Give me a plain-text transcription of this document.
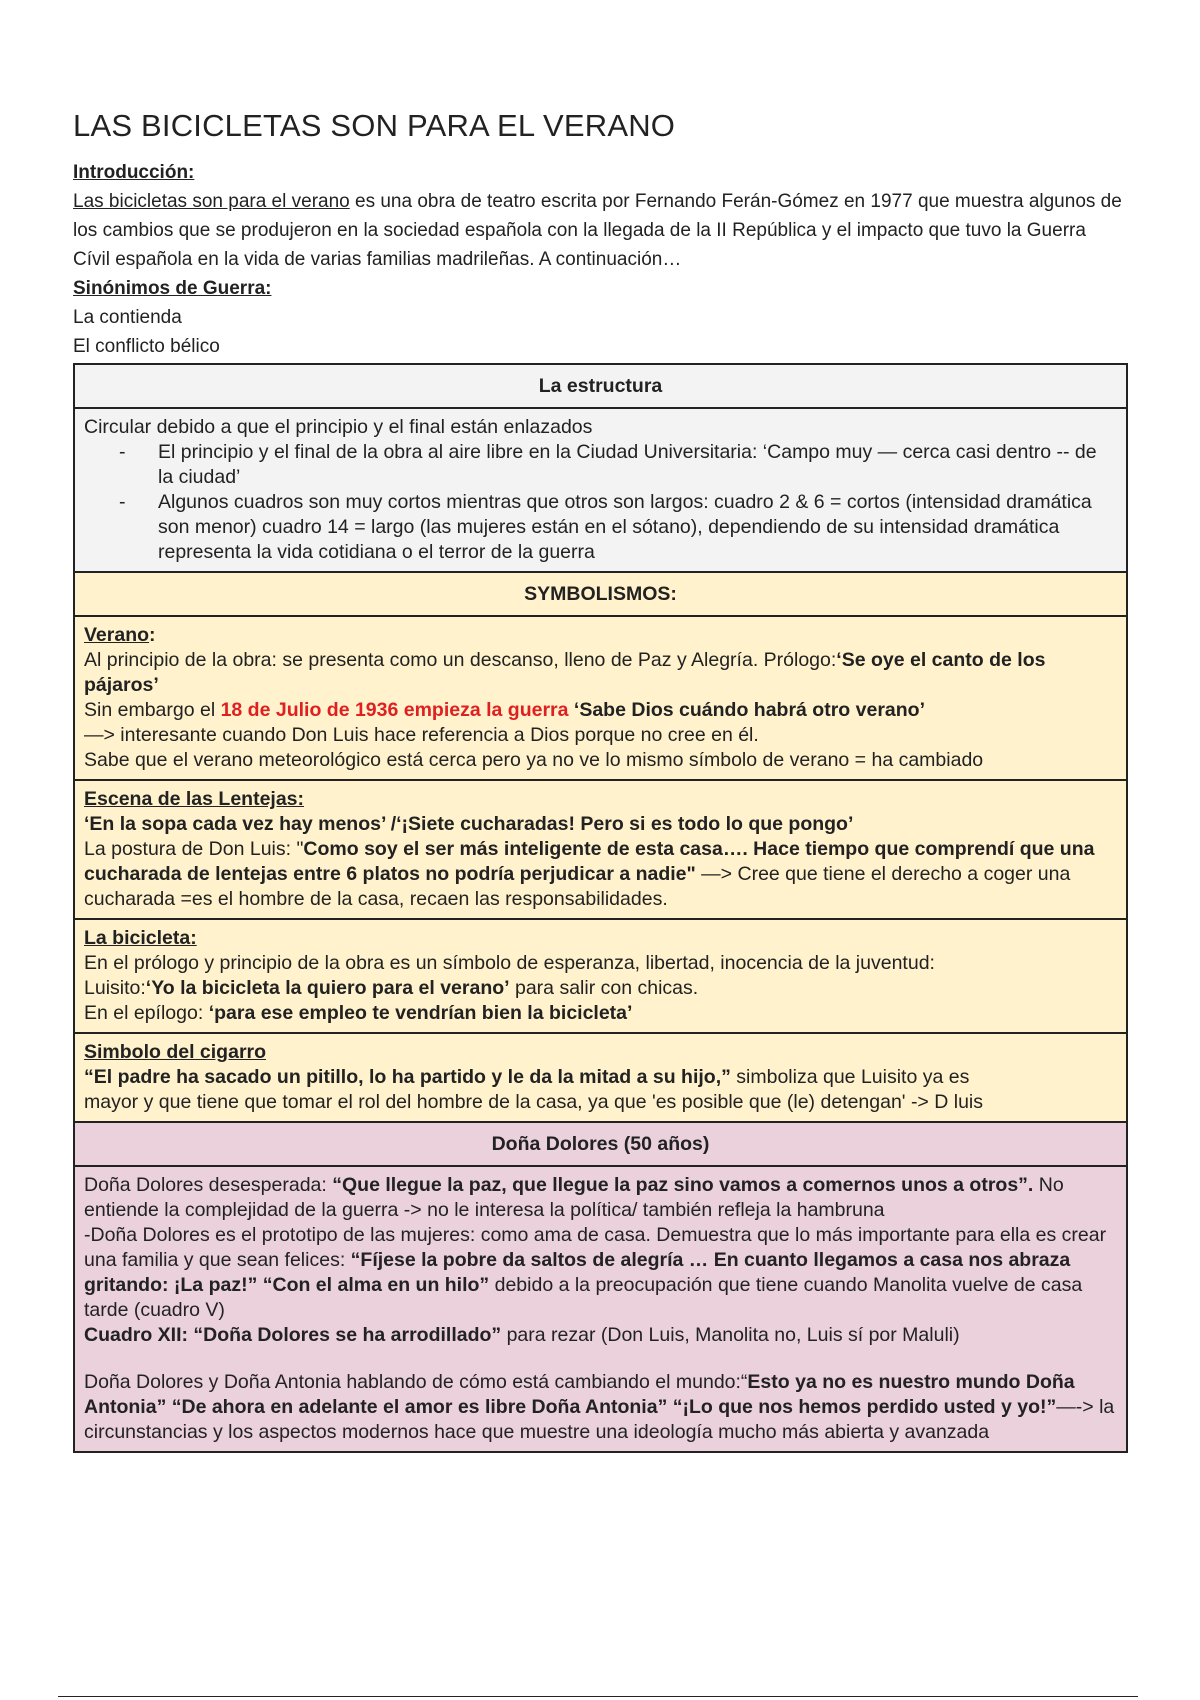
LAS BICICLETAS SON PARA EL VERANO

Introducción:

Las bicicletas son para el verano es una obra de teatro escrita por Fernando Ferán-Gómez en 1977 que muestra algunos de los cambios que se produjeron en la sociedad española con la llegada de la II República y el impacto que tuvo la Guerra Cívil española en la vida de varias familias madrileñas. A continuación…

Sinónimos de Guerra:

La contienda

El conflicto bélico

La estructura

Circular debido a que el principio y el final están enlazados
- El principio y el final de la obra al aire libre en la Ciudad Universitaria: ‘Campo muy — cerca casi dentro -- de la ciudad’
- Algunos cuadros son muy cortos mientras que otros son largos: cuadro 2 & 6 = cortos (intensidad dramática son menor) cuadro 14 = largo (las mujeres están en el sótano), dependiendo de su intensidad dramática representa la vida cotidiana o el terror de la guerra

SYMBOLISMOS:

Verano:
Al principio de la obra: se presenta como un descanso, lleno de Paz y Alegría. Prólogo:‘Se oye el canto de los pájaros’
Sin embargo el 18 de Julio de 1936 empieza la guerra ‘Sabe Dios cuándo habrá otro verano’
—> interesante cuando Don Luis hace referencia a Dios porque no cree en él.
Sabe que el verano meteorológico está cerca pero ya no ve lo mismo símbolo de verano = ha cambiado

Escena de las Lentejas:
‘En la sopa cada vez hay menos’ /‘¡Siete cucharadas! Pero si es todo lo que pongo’
La postura de Don Luis: "Como soy el ser más inteligente de esta casa…. Hace tiempo que comprendí que una cucharada de lentejas entre 6 platos no podría perjudicar a nadie" —> Cree que tiene el derecho a coger una cucharada =es el hombre de la casa, recaen las responsabilidades.

La bicicleta:
En el prólogo y principio de la obra es un símbolo de esperanza, libertad, inocencia de la juventud:
Luisito:‘Yo la bicicleta la quiero para el verano’ para salir con chicas.
En el epílogo: ‘para ese empleo te vendrían bien la bicicleta’

Simbolo del cigarro
“El padre ha sacado un pitillo, lo ha partido y le da la mitad a su hijo,” simboliza que Luisito ya es
mayor y que tiene que tomar el rol del hombre de la casa, ya que 'es posible que (le) detengan' -> D luis

Doña Dolores (50 años)

Doña Dolores desesperada: “Que llegue la paz, que llegue la paz sino vamos a comernos unos a otros”. No entiende la complejidad de la guerra -> no le interesa la política/ también refleja la hambruna
-Doña Dolores es el prototipo de las mujeres: como ama de casa. Demuestra que lo más importante para ella es crear una familia y que sean felices: “Fíjese la pobre da saltos de alegría … En cuanto llegamos a casa nos abraza gritando: ¡La paz!” “Con el alma en un hilo” debido a la preocupación que tiene cuando Manolita vuelve de casa tarde (cuadro V)
Cuadro XII: “Doña Dolores se ha arrodillado” para rezar (Don Luis, Manolita no, Luis sí por Maluli)
Doña Dolores y Doña Antonia hablando de cómo está cambiando el mundo:“Esto ya no es nuestro mundo Doña Antonia” “De ahora en adelante el amor es libre Doña Antonia” “¡Lo que nos hemos perdido usted y yo!”—-> la circunstancias y los aspectos modernos hace que muestre una ideología mucho más abierta y avanzada
